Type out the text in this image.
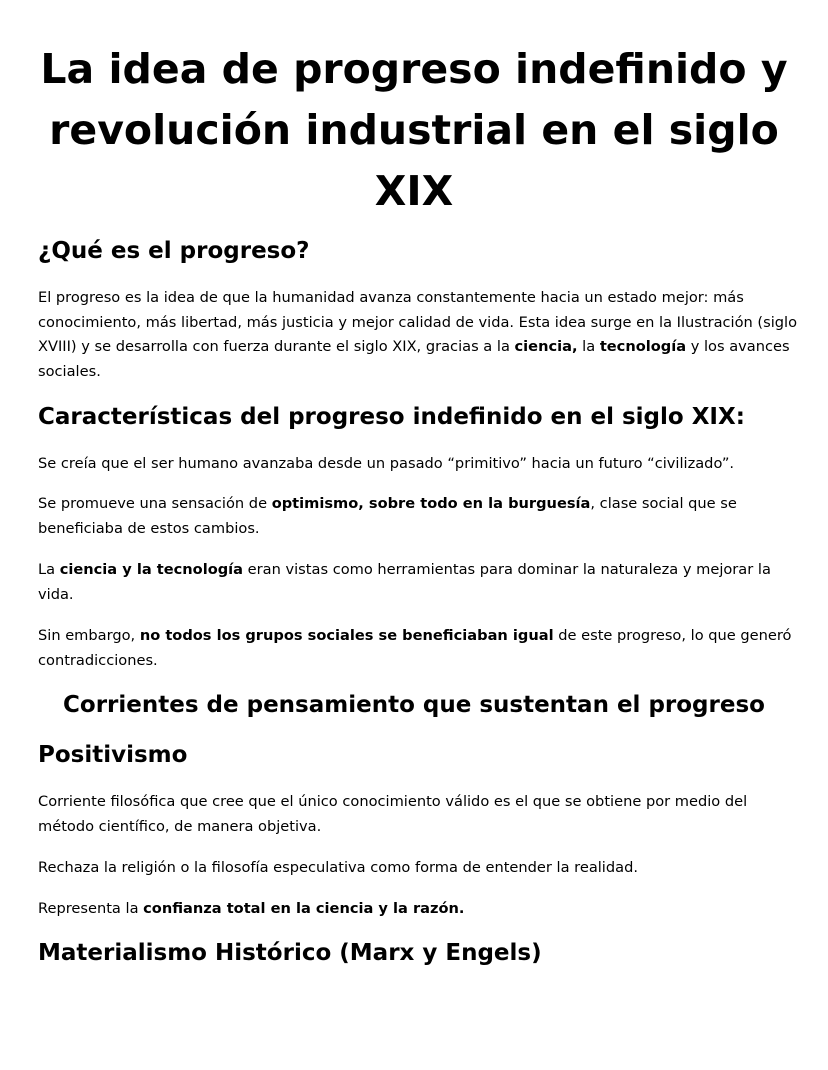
La idea de progreso indefinido y revolución industrial en el siglo XIX
¿Qué es el progreso?

El progreso es la idea de que la humanidad avanza constantemente hacia un estado mejor: más conocimiento, más libertad, más justicia y mejor calidad de vida. Esta idea surge en la Ilustración (siglo XVIII) y se desarrolla con fuerza durante el siglo XIX, gracias a la ciencia, la tecnología y los avances sociales.

Características del progreso indefinido en el siglo XIX:

Se creía que el ser humano avanzaba desde un pasado “primitivo” hacia un futuro “civilizado”.

Se promueve una sensación de optimismo, sobre todo en la burguesía, clase social que se beneficiaba de estos cambios.

La ciencia y la tecnología eran vistas como herramientas para dominar la naturaleza y mejorar la vida.

Sin embargo, no todos los grupos sociales se beneficiaban igual de este progreso, lo que generó contradicciones.

Corrientes de pensamiento que sustentan el progreso
Positivismo

Corriente filosófica que cree que el único conocimiento válido es el que se obtiene por medio del método científico, de manera objetiva.

Rechaza la religión o la filosofía especulativa como forma de entender la realidad.

Representa la confianza total en la ciencia y la razón.

Materialismo Histórico (Marx y Engels)
